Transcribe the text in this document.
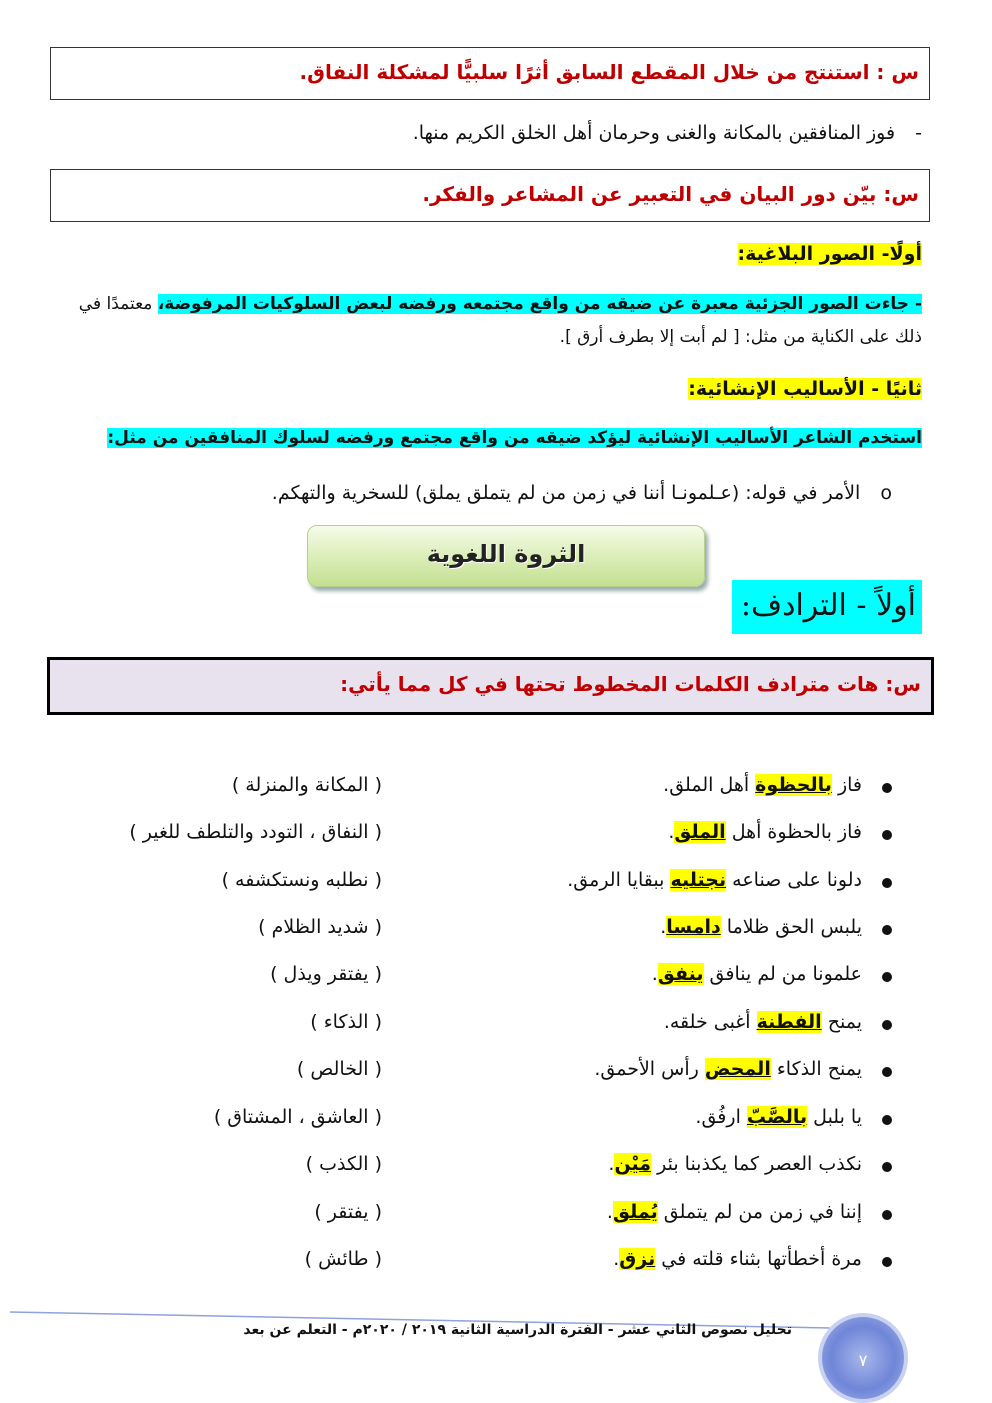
س : استنتج من خلال المقطع السابق أثرًا سلبيًّا لمشكلة النفاق.
- فوز المنافقين بالمكانة والغنى وحرمان أهل الخلق الكريم منها.
س: بيّن دور البيان في التعبير عن المشاعر والفكر.
أولًا- الصور البلاغية:
- جاءت الصور الجزئية معبرة عن ضيقه من واقع مجتمعه ورفضه لبعض السلوكيات المرفوضة، معتمدًا في
ذلك على الكناية من مثل: [ لم أبت إلا بطرف أرق ].
ثانيًا - الأساليب الإنشائية:
استخدم الشاعر الأساليب الإنشائية ليؤكد ضيقه من واقع مجتمع ورفضه لسلوك المنافقين من مثل:
o الأمر في قوله: (عـلمونـا أننا في زمن من لم يتملق يملق) للسخرية والتهكم.
الثروة اللغوية
أولاً - الترادف:
س: هات مترادف الكلمات المخطوط تحتها في كل مما يأتي:
فاز بالحظوة أهل الملق.
( المكانة والمنزلة )
فاز بالحظوة أهل الملق.
( النفاق ، التودد والتلطف للغير )
دلونا على صناعه نجتليه ببقايا الرمق.
( نطلبه ونستكشفه )
يلبس الحق ظلاما دامسا.
( شديد الظلام )
علمونا من لم ينافق ينفق.
( يفتقر ويذل )
يمنح الفطنة أغبى خلقه.
( الذكاء )
يمنح الذكاء المحض رأس الأحمق.
( الخالص )
يا بلبل بالصَّبّ ارفُق.
( العاشق ، المشتاق )
نكذب العصر كما يكذبنا بئر مَيْن.
( الكذب )
إننا في زمن من لم يتملق يُملق.
( يفتقر )
مرة أخطأتها بثناء قلته في نزق.
( طائش )
تحليل نصوص الثاني عشر - الفترة الدراسية الثانية ٢٠١٩ / ٢٠٢٠م - التعلم عن بعد
٧
